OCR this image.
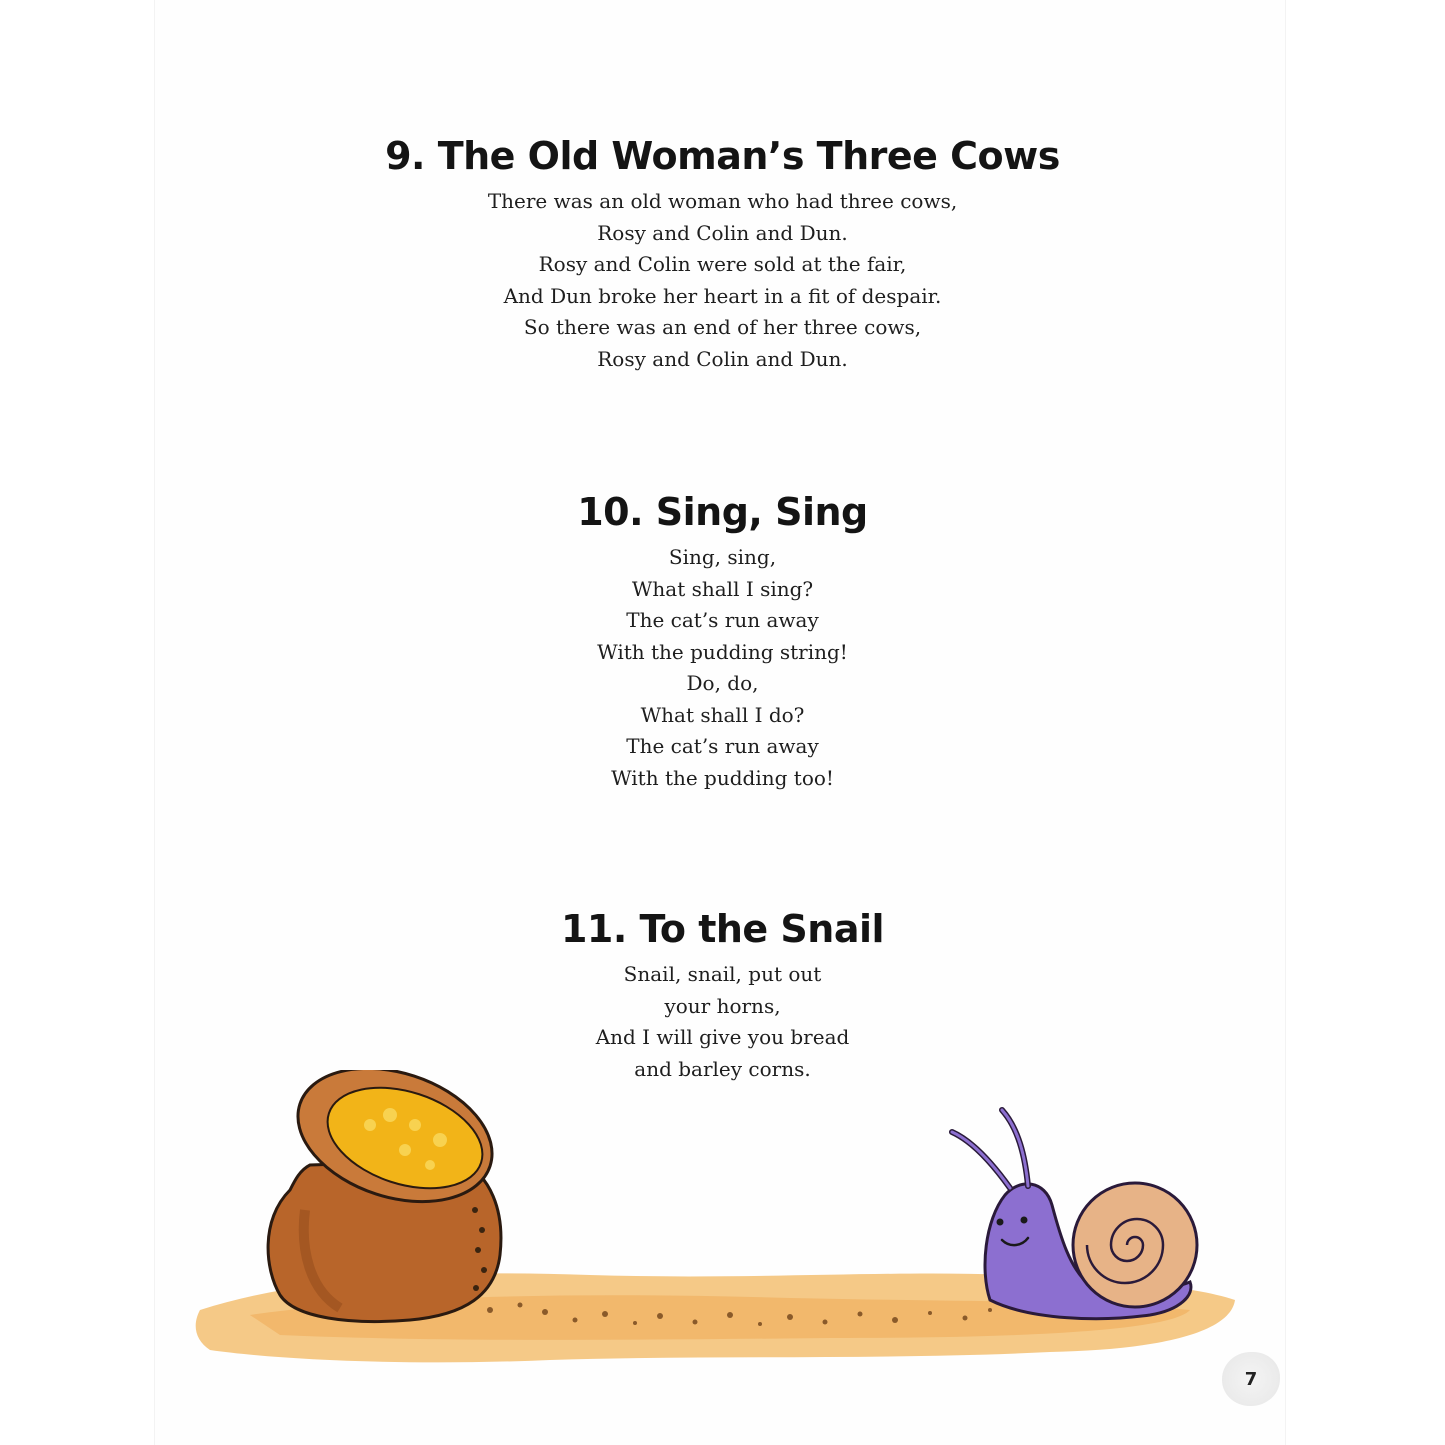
9. The Old Woman’s Three Cows
There was an old woman who had three cows,
Rosy and Colin and Dun.
Rosy and Colin were sold at the fair,
And Dun broke her heart in a fit of despair.
So there was an end of her three cows,
Rosy and Colin and Dun.
10. Sing, Sing
Sing, sing,
What shall I sing?
The cat’s run away
With the pudding string!
Do, do,
What shall I do?
The cat’s run away
With the pudding too!
11. To the Snail
Snail, snail, put out
your horns,
And I will give you bread
and barley corns.
7
